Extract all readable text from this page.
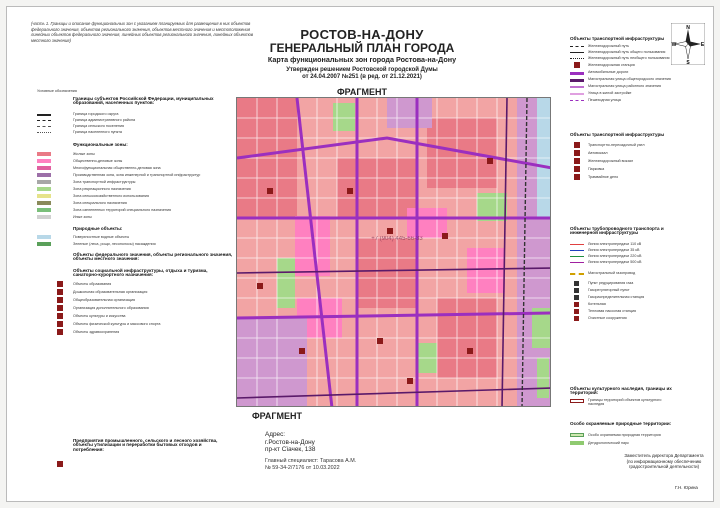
(часть 1. Границы и описание функциональных зон с указанием планируемых для размещения в них объектов федерального значения, объектов регионального значения, объектов местного значения и местоположения линейных объектов федерального значения, линейных объектов регионального значения, линейных объектов местного значения)	РОСТОВ-НА-ДОНУ
ГЕНЕРАЛЬНЫЙ ПЛАН ГОРОДА
Карта функциональных зон города Ростова-на-Дону
Утвержден решением Ростовской городской Думы
от 24.04.2007 №251 (в ред. от 21.12.2021)
N
S
W	E
ФРАГМЕНТ
+7 (904) 445-66-33
ФРАГМЕНТ
Адрес:
г.Ростов-на-Дону
пр-кт Сїачек, 138
Главный специалист: Тарасова А.М.
№ 59-34-2/7176 от 10.03.2022
Условные обозначения
Границы субъектов Российской Федерации, муниципальных образований, населенных пунктов:
Граница городского округа
Граница административного района
Граница сельского поселения
Граница населенного пункта
Функциональные зоны:
Жилые зоны
Общественно-деловые зоны
Многофункциональная общественно-деловая зона
Производственная зона, зона инженерной и транспортной инфраструктур
Зона транспортной инфраструктуры
Зона рекреационного назначения
Зона сельскохозяйственного использования
Зона специального назначения
Зона озелененных территорий специального назначения
Иные зоны
Природные объекты:
Поверхностные водные объекты
Зеленые (леса, рощи, лесополосы) насаждения
Объекты федерального значения, объекты регионального значения, объекты местного значения:
Объекты социальной инфраструктуры, отдыха и туризма, санаторно-курортного назначения:
Объекты образования
Дошкольная образовательная организация
Общеобразовательная организация
Организация дополнительного образования
Объекты культуры и искусства
Объекты физической культуры и массового спорта
Объекты здравоохранения
Предприятия промышленного, сельского и лесного хозяйства, объекты утилизации и переработки бытовых отходов и потребления:
Объекты транспортной инфраструктуры
Железнодорожный путь
Железнодорожный путь общего пользования
Железнодорожный путь необщего пользования
Железнодорожная станция
Автомобильные дороги
Магистральная улица общегородского значения
Магистральная улица районного значения
Улица в жилой застройке
Пешеходная улица
Объекты транспортной инфраструктуры
Транспортно-пересадочный узел
Автовокзал
Железнодорожный вокзал
Парковка
Трамвайное депо
Объекты трубопроводного транспорта и инженерной инфраструктуры
Линия электропередачи 110 кВ
Линия электропередачи 35 кВ
Линия электропередачи 220 кВ
Линия электропередачи 500 кВ
Магистральный газопровод
Пункт редуцирования газа
Газорегуляторный пункт
Газораспределительная станция
Котельная
Тепловая насосная станция
Очистные сооружения
Объекты культурного наследия, границы их территорий:
Границы территорий объектов культурного наследия
Особо охраняемые природные территории:
Особо охраняемая природная территория
Дендрологический парк
Заместитель директора Департамента
(по информационному обеспечению
градостроительной деятельности)
Г.Н. Юрина
